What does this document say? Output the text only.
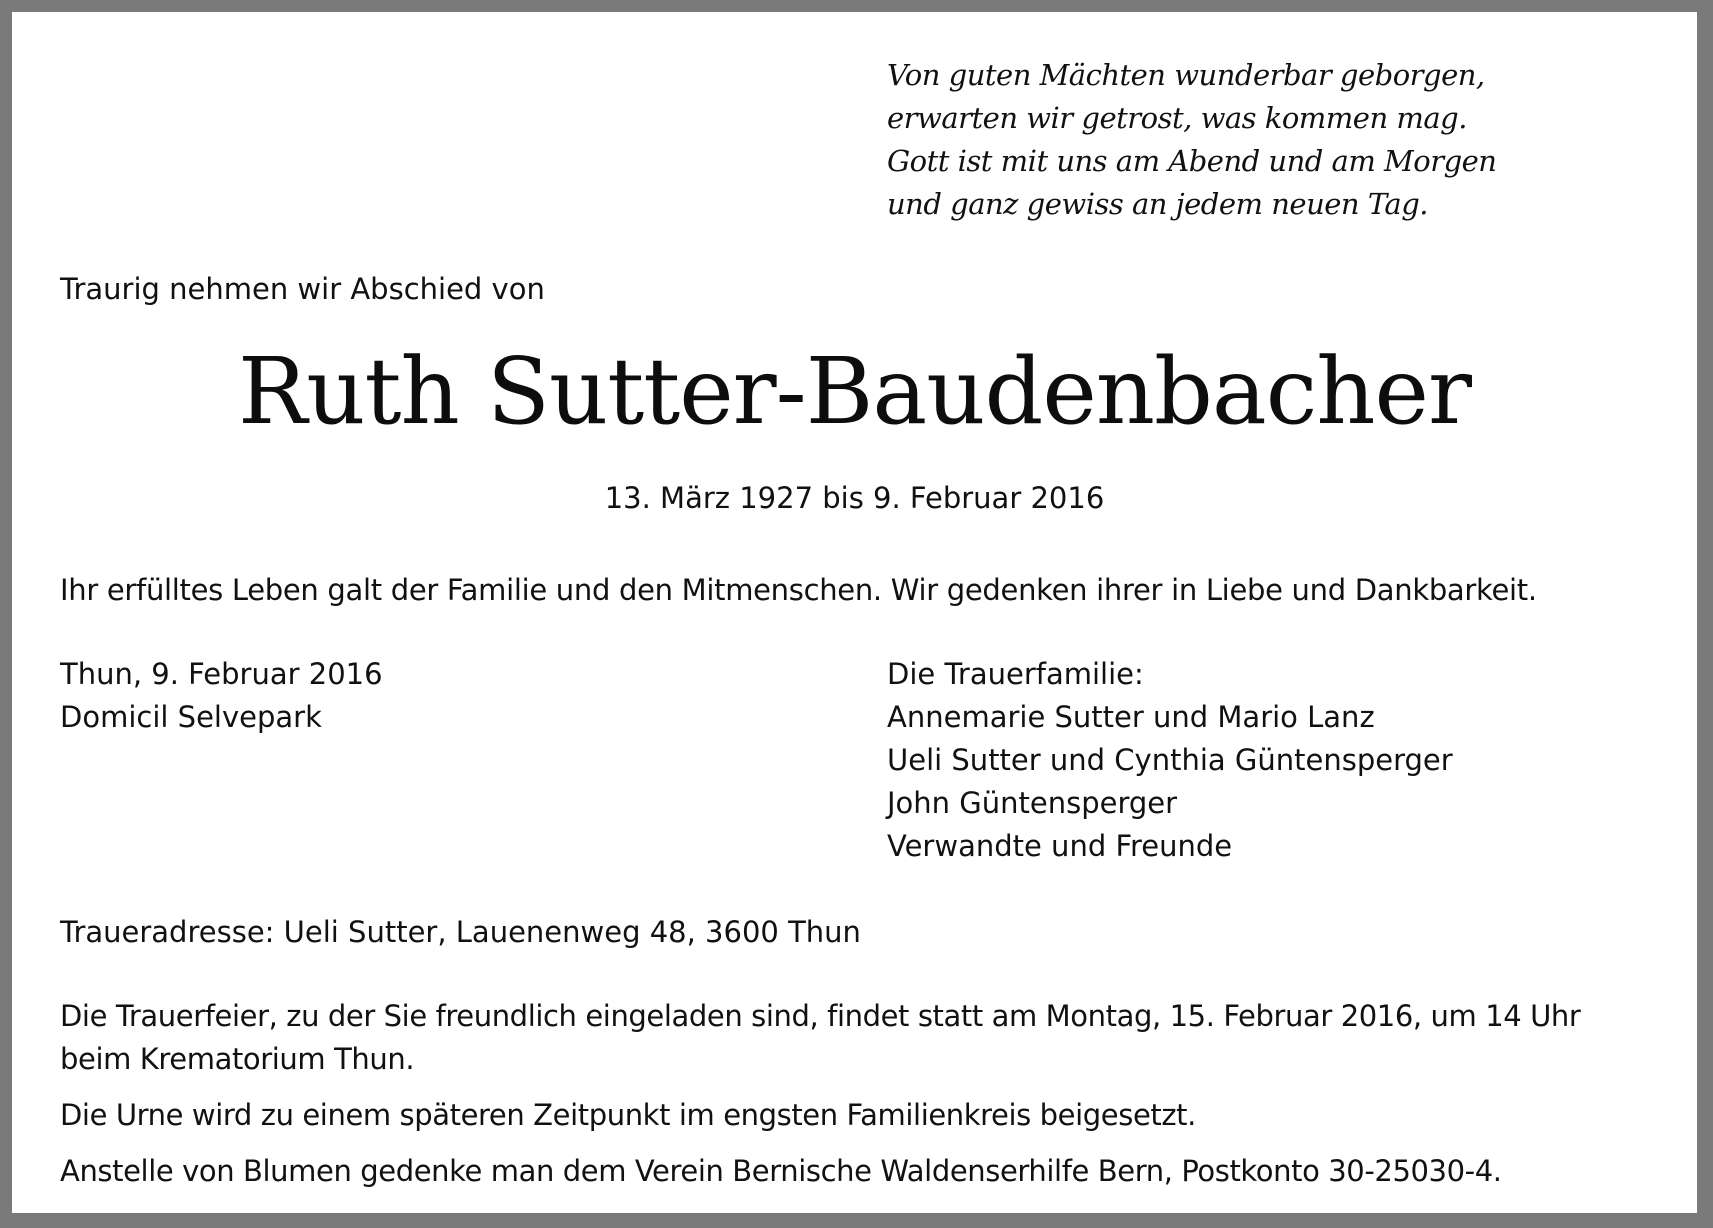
Von guten Mächten wunderbar geborgen,
erwarten wir getrost, was kommen mag.
Gott ist mit uns am Abend und am Morgen
und ganz gewiss an jedem neuen Tag.
Traurig nehmen wir Abschied von
Ruth Sutter-Baudenbacher
13. März 1927 bis 9. Februar 2016
Ihr erfülltes Leben galt der Familie und den Mitmenschen. Wir gedenken ihrer in Liebe und Dankbarkeit.
Thun, 9. Februar 2016
Domicil Selvepark
Die Trauerfamilie:
Annemarie Sutter und Mario Lanz
Ueli Sutter und Cynthia Güntensperger
John Güntensperger
Verwandte und Freunde
Traueradresse: Ueli Sutter, Lauenenweg 48, 3600 Thun

Die Trauerfeier, zu der Sie freundlich eingeladen sind, findet statt am Montag, 15. Februar 2016, um 14 Uhr
beim Krematorium Thun.

Die Urne wird zu einem späteren Zeitpunkt im engsten Familienkreis beigesetzt.

Anstelle von Blumen gedenke man dem Verein Bernische Waldenserhilfe Bern, Postkonto 30-25030-4.
